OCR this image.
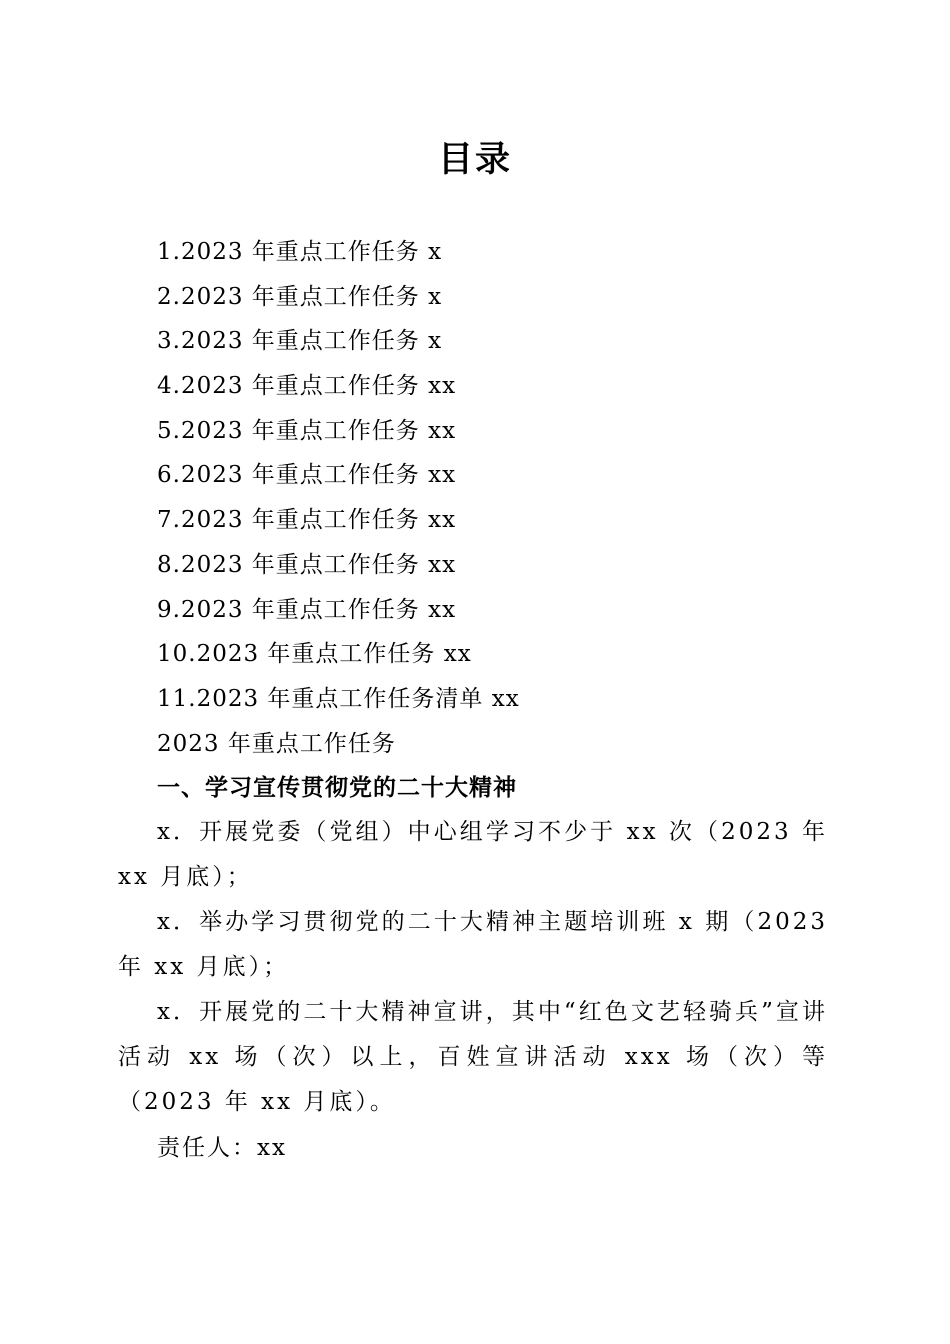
目录
1.2023 年重点工作任务 x
2.2023 年重点工作任务 x
3.2023 年重点工作任务 x
4.2023 年重点工作任务 xx
5.2023 年重点工作任务 xx
6.2023 年重点工作任务 xx
7.2023 年重点工作任务 xx
8.2023 年重点工作任务 xx
9.2023 年重点工作任务 xx
10.2023 年重点工作任务 xx
11.2023 年重点工作任务清单 xx
2023 年重点工作任务
一、学习宣传贯彻党的二十大精神

x．开展党委（党组）中心组学习不少于 xx 次（2023 年 xx 月底）；

x．举办学习贯彻党的二十大精神主题培训班 x 期（2023 年 xx 月底）；

x．开展党的二十大精神宣讲，其中“红色文艺轻骑兵”宣讲活动 xx 场（次）以上，百姓宣讲活动 xxx 场（次）等（2023 年 xx 月底）。

责任人：xx
